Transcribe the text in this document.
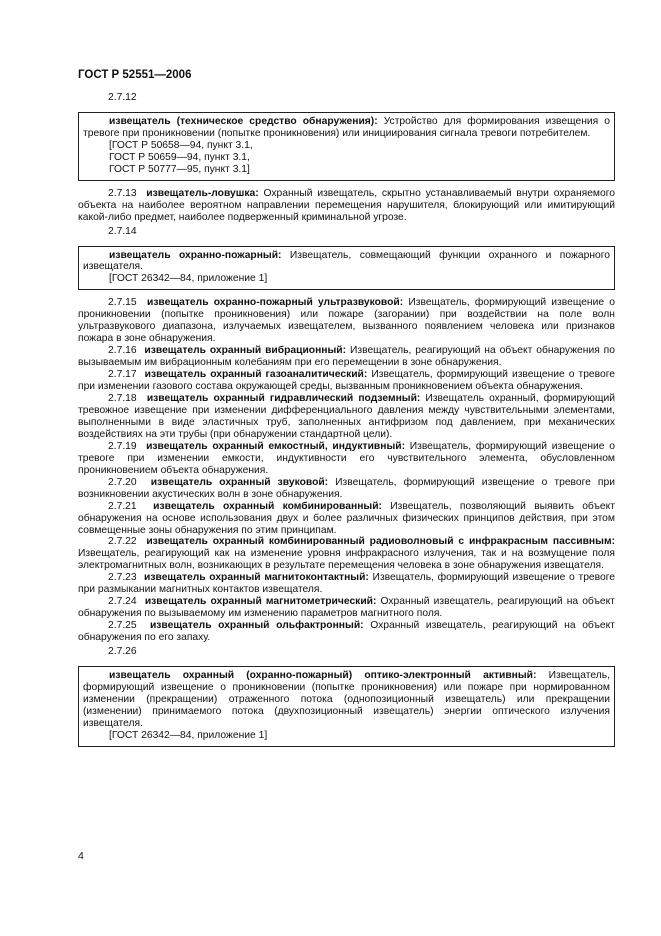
ГОСТ Р 52551—2006
2.7.12
извещатель (техническое средство обнаружения): Устройство для формирования извещения о тревоге при проникновении (попытке проникновения) или инициирования сигнала тревоги потребителем.
[ГОСТ Р 50658—94, пункт 3.1,
ГОСТ Р 50659—94, пункт 3.1,
ГОСТ Р 50777—95, пункт 3.1]
2.7.13 извещатель-ловушка: Охранный извещатель, скрытно устанавливаемый внутри охраняемого объекта на наиболее вероятном направлении перемещения нарушителя, блокирующий или имитирующий какой-либо предмет, наиболее подверженный криминальной угрозе.
2.7.14
извещатель охранно-пожарный: Извещатель, совмещающий функции охранного и пожарного извещателя.
[ГОСТ 26342—84, приложение 1]
2.7.15 извещатель охранно-пожарный ультразвуковой: Извещатель, формирующий извещение о проникновении (попытке проникновения) или пожаре (загорании) при воздействии на поле волн ультразвукового диапазона, излучаемых извещателем, вызванного появлением человека или признаков пожара в зоне обнаружения.
2.7.16 извещатель охранный вибрационный: Извещатель, реагирующий на объект обнаружения по вызываемым им вибрационным колебаниям при его перемещении в зоне обнаружения.
2.7.17 извещатель охранный газоаналитический: Извещатель, формирующий извещение о тревоге при изменении газового состава окружающей среды, вызванным проникновением объекта обнаружения.
2.7.18 извещатель охранный гидравлический подземный: Извещатель охранный, формирующий тревожное извещение при изменении дифференциального давления между чувствительными элементами, выполненными в виде эластичных труб, заполненных антифризом под давлением, при механических воздействиях на эти трубы (при обнаружении стандартной цели).
2.7.19 извещатель охранный емкостный, индуктивный: Извещатель, формирующий извещение о тревоге при изменении емкости, индуктивности его чувствительного элемента, обусловленном проникновением объекта обнаружения.
2.7.20 извещатель охранный звуковой: Извещатель, формирующий извещение о тревоге при возникновении акустических волн в зоне обнаружения.
2.7.21 извещатель охранный комбинированный: Извещатель, позволяющий выявить объект обнаружения на основе использования двух и более различных физических принципов действия, при этом совмещенные зоны обнаружения по этим принципам.
2.7.22 извещатель охранный комбинированный радиоволновый с инфракрасным пассивным: Извещатель, реагирующий как на изменение уровня инфракрасного излучения, так и на возмущение поля электромагнитных волн, возникающих в результате перемещения человека в зоне обнаружения извещателя.
2.7.23 извещатель охранный магнитоконтактный: Извещатель, формирующий извещение о тревоге при размыкании магнитных контактов извещателя.
2.7.24 извещатель охранный магнитометрический: Охранный извещатель, реагирующий на объект обнаружения по вызываемому им изменению параметров магнитного поля.
2.7.25 извещатель охранный ольфактронный: Охранный извещатель, реагирующий на объект обнаружения по его запаху.
2.7.26
извещатель охранный (охранно-пожарный) оптико-электронный активный: Извещатель, формирующий извещение о проникновении (попытке проникновения) или пожаре при нормированном изменении (прекращении) отраженного потока (однопозиционный извещатель) или прекращении (изменении) принимаемого потока (двухпозиционный извещатель) энергии оптического излучения извещателя.
[ГОСТ 26342—84, приложение 1]
4
